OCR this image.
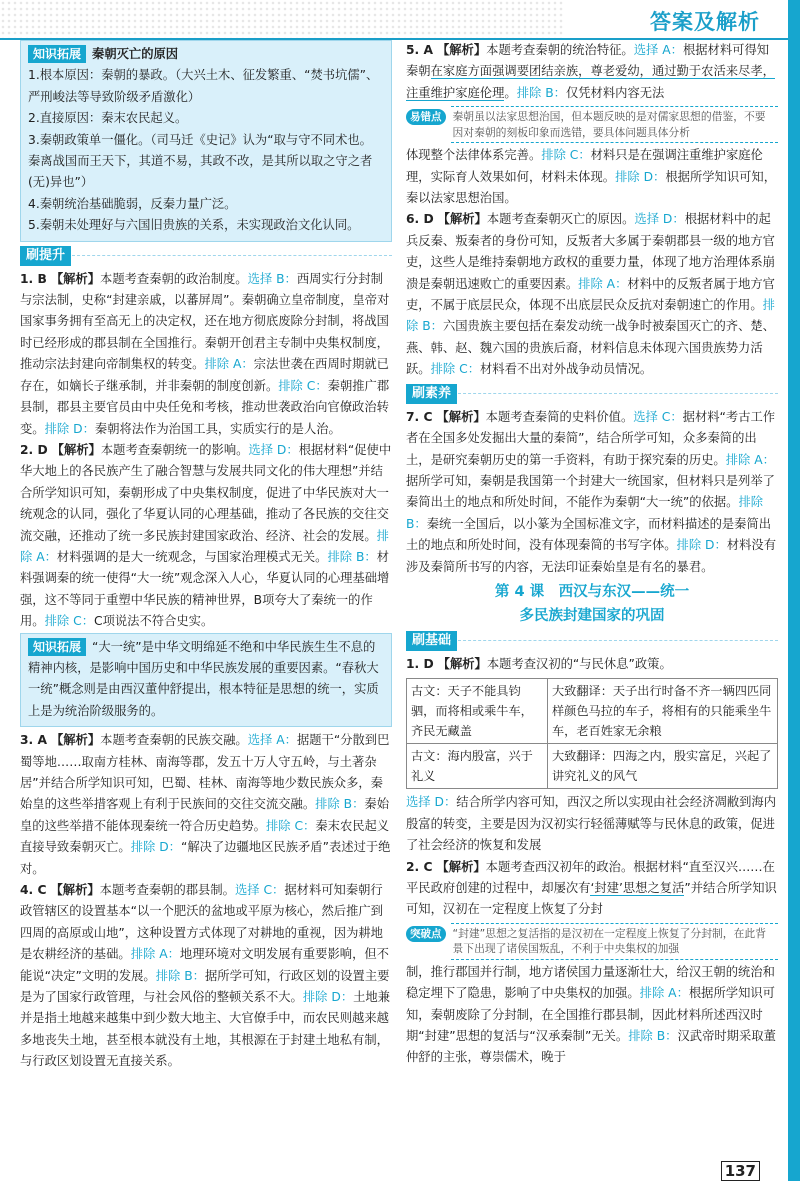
答案及解析

知识拓展 秦朝灭亡的原因

1.根本原因：秦朝的暴政。（大兴土木、征发繁重、“焚书坑儒”、严刑峻法等导致阶级矛盾激化）

2.直接原因：秦末农民起义。

3.秦朝政策单一僵化。（司马迁《史记》认为“取与守不同术也。秦离战国而王天下，其道不易，其政不改，是其所以取之守之者(无)异也”）

4.秦朝统治基础脆弱，反秦力量广泛。

5.秦朝未处理好与六国旧贵族的关系，未实现政治文化认同。

刷提升

1. B 【解析】本题考查秦朝的政治制度。选择 B：西周实行分封制与宗法制，史称“封建亲戚，以蕃屏周”。秦朝确立皇帝制度，皇帝对国家事务拥有至高无上的决定权，还在地方彻底废除分封制，将战国时已经形成的郡县制在全国推行。秦朝开创君主专制中央集权制度，推动宗法封建向帝制集权的转变。排除 A：宗法世袭在西周时期就已存在，如嫡长子继承制，并非秦朝的制度创新。排除 C：秦朝推广郡县制，郡县主要官员由中央任免和考核，推动世袭政治向官僚政治转变。排除 D：秦朝将法作为治国工具，实质实行的是人治。

2. D 【解析】本题考查秦朝统一的影响。选择 D：根据材料“促使中华大地上的各民族产生了融合智慧与发展共同文化的伟大理想”并结合所学知识可知，秦朝形成了中央集权制度，促进了中华民族对大一统观念的认同，强化了华夏认同的心理基础，推动了各民族的交往交流交融，还推动了统一多民族封建国家政治、经济、社会的发展。排除 A：材料强调的是大一统观念，与国家治理模式无关。排除 B：材料强调秦的统一使得“大一统”观念深入人心，华夏认同的心理基础增强，这不等同于重塑中华民族的精神世界，B项夸大了秦统一的作用。排除 C：C项说法不符合史实。

知识拓展 “大一统”是中华文明绵延不绝和中华民族生生不息的精神内核，是影响中国历史和中华民族发展的重要因素。“春秋大一统”概念则是由西汉董仲舒提出，根本特征是思想的统一，实质上是为统治阶级服务的。

3. A 【解析】本题考查秦朝的民族交融。选择 A：据题干“分散到巴蜀等地……取南方桂林、南海等郡，发五十万人守五岭，与土著杂居”并结合所学知识可知，巴蜀、桂林、南海等地少数民族众多，秦始皇的这些举措客观上有利于民族间的交往交流交融。排除 B：秦始皇的这些举措不能体现秦统一符合历史趋势。排除 C：秦末农民起义直接导致秦朝灭亡。排除 D：“解决了边疆地区民族矛盾”表述过于绝对。

4. C 【解析】本题考查秦朝的郡县制。选择 C：据材料可知秦朝行政管辖区的设置基本“以一个肥沃的盆地或平原为核心，然后推广到四周的高原或山地”，这种设置方式体现了对耕地的重视，因为耕地是农耕经济的基础。排除 A：地理环境对文明发展有重要影响，但不能说“决定”文明的发展。排除 B：据所学可知，行政区划的设置主要是为了国家行政管理，与社会风俗的整顿关系不大。排除 D：土地兼并是指土地越来越集中到少数大地主、大官僚手中，而农民则越来越多地丧失土地，甚至根本就没有土地，其根源在于封建土地私有制，与行政区划设置无直接关系。

5. A 【解析】本题考查秦朝的统治特征。选择 A：根据材料可得知秦朝在家庭方面强调要团结亲族，尊老爱幼，通过勤于农活来尽孝，注重维护家庭伦理。排除 B：仅凭材料内容无法

易错点	秦朝虽以法家思想治国，但本题反映的是对儒家思想的借鉴，不要因对秦朝的刻板印象而选错，要具体问题具体分析

体现整个法律体系完善。排除 C：材料只是在强调注重维护家庭伦理，实际育人效果如何，材料未体现。排除 D：根据所学知识可知，秦以法家思想治国。

6. D 【解析】本题考查秦朝灭亡的原因。选择 D：根据材料中的起兵反秦、叛秦者的身份可知，反叛者大多属于秦朝郡县一级的地方官吏，这些人是维持秦朝地方政权的重要力量，体现了地方治理体系崩溃是秦朝迅速败亡的重要因素。排除 A：材料中的反叛者属于地方官吏，不属于底层民众，体现不出底层民众反抗对秦朝速亡的作用。排除 B：六国贵族主要包括在秦发动统一战争时被秦国灭亡的齐、楚、燕、韩、赵、魏六国的贵族后裔，材料信息未体现六国贵族势力活跃。排除 C：材料看不出对外战争动员情况。

刷素养

7. C 【解析】本题考查秦简的史料价值。选择 C：据材料“考古工作者在全国多处发掘出大量的秦简”，结合所学可知，众多秦简的出土，是研究秦朝历史的第一手资料，有助于探究秦的历史。排除 A：据所学可知，秦朝是我国第一个封建大一统国家，但材料只是列举了秦简出土的地点和所处时间，不能作为秦朝“大一统”的依据。排除 B：秦统一全国后，以小篆为全国标准文字，而材料描述的是秦简出土的地点和所处时间，没有体现秦简的书写字体。排除 D：材料没有涉及秦简所书写的内容，无法印证秦始皇是有名的暴君。

第 4 课　西汉与东汉——统一
多民族封建国家的巩固
刷基础

1. D 【解析】本题考查汉初的“与民休息”政策。

古文：天子不能具钧驷，而将相或乘牛车，齐民无藏盖	大致翻译：天子出行时备不齐一辆四匹同样颜色马拉的车子，将相有的只能乘坐牛车，老百姓家无余粮
古文：海内殷富，兴于礼义	大致翻译：四海之内，殷实富足，兴起了讲究礼义的风气

选择 D：结合所学内容可知，西汉之所以实现由社会经济凋敝到海内殷富的转变，主要是因为汉初实行轻徭薄赋等与民休息的政策，促进了社会经济的恢复和发展

2. C 【解析】本题考查西汉初年的政治。根据材料“直至汉兴……在平民政府创建的过程中，却屡次有‘封建’思想之复活”并结合所学知识可知，汉初在一定程度上恢复了分封

突破点	“封建”思想之复活指的是汉初在一定程度上恢复了分封制，在此背景下出现了诸侯国叛乱，不利于中央集权的加强

制，推行郡国并行制，地方诸侯国力量逐渐壮大，给汉王朝的统治和稳定埋下了隐患，影响了中央集权的加强。排除 A：根据所学知识可知，秦朝废除了分封制，在全国推行郡县制，因此材料所述西汉时期“封建”思想的复活与“汉承秦制”无关。排除 B：汉武帝时期采取董仲舒的主张，尊崇儒术，晚于

137
